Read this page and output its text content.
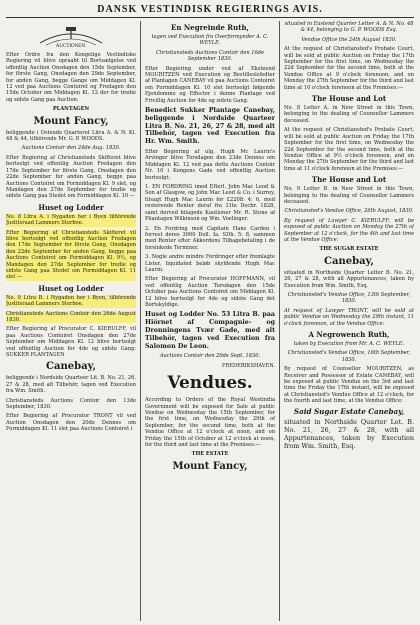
DANSK VESTINDISK REGIERINGS AVIS.
AUCTIONEN.
Efter Ordre fra den Kongelige Vestindiske Regiering vil blive opraabt til Bortsælgelse ved offentlig Auction Onsdagen den 15de September, for förste Gang, Onsdagen den 29de September, for anden Gang, begge Gange om Middagen Kl. 12 ved paa Auctions Contoiret og Fredagen den 15de October om Middagen Kl. 12 der for tredie og sidste Gang paa Auction:
PLANTAGEN
Mount Fancy,
beliggende i Ostende Quarteret Litra A. & N. Kl. 48 & 44, tilhörende Mr. G. P. WOODS.
Auctions Contoir den 24de Aug. 1830.
Efter Begiering af Christiansteds Skifteret blive bortsolgt ved offentlig Auction Fredagen den 17de September for förste Gang, Onsdagen den 22de September for anden Gang, begge paa Auctions Contoiret om Formiddagen Kl. 9 slet, og Mandagen den 27de September for tredie og sidste Gang paa Stedet om Formiddagen Kl. 10 —
Huset og Lodder
No. 8 Litra A. i Nygaden her i Byen tilhörende Justitsraad Lammers Sterboe.
Efter Begiering af Christiansteds Skifteret vil blive bortsolgt ved offentlig Auction Fredagen den 17de September for förste Gang, Onsdagen den 22de September for anden Gang, begge paa Auctions Contoiret om Formiddagen Kl. 9½, og Mandagen den 27de September for tredie og sidste Gang paa Stedet om Formiddagen Kl. 11 slet —
Huset og Lodder
No. 9 Litra B. i Nygaden her i Byen, tilhörende Justitsraad Lammers Sterboe.
Christiansteds Auctions Contoir den 26de August 1830.
Efter Begiering af Procurator C. KIERULFF, vil paa Auctions Contoiret Onsdagen den 27de September om Middagen Kl. 12 blive bortsolgt ved offentlig Auction for 4de og sidste Gang: SUKKER PLANTAGEN
Canebay,
beliggende i Nordside Quarteer Lit. B. No. 21, 26, 27 & 28, med alt Tilbehör, tagen ved Execution fra Wm. Smith.
Christiansteds Auctions Contoir den 13de September, 1830.
Efter Begiering af Procurator TRONT vil ved Auction Onsdagen den 20de Dennes om Formiddagen Kl. 11 slet paa Auctions Contoiret i
En Negreinde Ruth,
tagen ved Execution fra Overformynder A. C. WEYLE.
Christiansteds Auctions Contoir den 16de September 1830.
Efter Begiering under ved af Eksteend MOURITZEN ved Execution og Bestilleslsfedter af Plantagen CANEBAY vil paa Auctions Contoiret om Formiddagen Kl. 10 slet bortsolgt følgende Ejendomme og Effecter i denne Plantage ved Frivillig Auction for 4de og sidste Gang.
Benedict Sukker Plantage Canebay, beliggende i Nordside Quarteer Litra B. No. 21, 26, 27 & 28, med alt Tilbehör, tagen ved Execution fra Hr. Wm. Smith.
Efter Begiering af ulg. Hugh Mc Laurin's Arvinger blive Torsdagen den 23de Dennes om Middagen Kl. 12 ved paa dette Auctions Contoir Nr. 10 i Kongens Gade ved offentlig Auction bortsolgt:
1. EN FORDRING imod Efterl. John Mac Leod & Son af Glasgow, og John Mac Leod & Co. i Surrey, tilsagt Hugh Mac Laurin for £2208: 4: 6, med resterende Renter deraf fra 31te Decbr. 1828, samt derved bilagede Kautioner Mr. R. Stone af Pliantagen Wilkinson og Wm. Voelinger.
2. En Fordring med Capitain Hans Carden i forrest deres 3000 Doll. Ia. SDh. 5: 8, sammen med Renter efter Akkordens Tilbagebetaling i de forsinkede Terminer.
3. Nogle andre mindre Fordringer efter fremlagte Lister, liquidated beløb skyldende Hugh Mac Laurin.
Efter Begiering af Procurator HOFFMANN, vil ved offentlig Auction Torsdagen den 15de October paa Auctions Contoiret om Middagen Kl. 12 blive bortsolgt for 4de og sidste Gang det Bortskyldige.
Huset og Lodder No. 53 Litra B. paa Hiörnet af Compagnie- og Dronningens Tvær Gade, med alt Tilbehör, tagen ved Execution fra Salomon De Leon.
Auctions Contoir den 20de Sept. 1830.
FREDERIKSHAVEN.
Vendues.
According to Orders of the Royal Westindia Government will be exposed for Sale at public Vendue on Wednesday the 15th September, for the first time, on Wednesday the 29th of September, for the second time, both at the Vendue Office at 12 o'clock at noon, and on Friday the 15th of October at 12 o'clock at noon, for the third and last time at the Premises:—
THE ESTATE
Mount Fancy,
situated in Eastend Quarter Letter A. & N. No. 48 & 44, belonging to G. P. WOODS Esq.
Vendue Office the 24th August 1830.
At the request of Christiansted's Probate Court, will be sold at public Auction on Friday the 17th September for the first time, on Wednesday the 22d September for the second time, both at the Vendue Office at 9 o'clock forenoon, and on Monday the 27th September for the third and last time at 10 o'clock forenoon at the Premises:—
The House and Lot
No. 8 Letter A. in New Street in this Town, belonging to the dealing of Counsellor Lammers deceased.
At the request of Christiansted's Probate Court, will be sold at public Auction on Friday the 17th September for the first time, on Wednesday the 22d September for the second time, both at the Vendue Office at 9½ o'clock forenoon, and on Monday the 27th September for the third and last time at 11 o'clock forenoon at the Premises:—
The House and Lot
No. 9 Letter B. in New Street in this Town, belonging to the dealing of Counsellor Lammers deceased.
Christiansted's Vendue Office, 26th August, 1830.
By request of Lawyer C. KIERULFF, will be exposed at public Auction on Monday the 27th of September at 12 o'clock, for the 4th and last time at the Vendue Office:
THE SUGAR ESTATE
Canebay,
situated in Northside Quarter Letter B. No. 21, 26, 27 & 28, with all Appurtenances, taken by Execution from Wm. Smith, Esq.
Christiansted's Vendue Office, 13th September, 1830.
At request of Lawyer TRONT, will be sold at public Vendue on Wednesday the 29th instant, 11 o'clock forenoon, at the Vendue Office:
A Negrowench Ruth,
taken by Execution from Mr. A. C. WEYLE.
Christiansted's Vendue Office, 16th September, 1830.
By request of Counsellor MOURITZEN, as Receiver and Possessor of Estate CANEBAY, will be exposed at public Vendue on the 3rd and last time the Friday the 17th instant, will be exposed at Christiansted's Vendue Office at 12 o'clock, for the fourth and last time, at the Vendue Office:
Said Sugar Estate Canebay,
situated in Northside Quarter Let. B. No. 21, 26, 27 & 28, with all Appurtenances, taken by Execution from Wm. Smith, Esq.
